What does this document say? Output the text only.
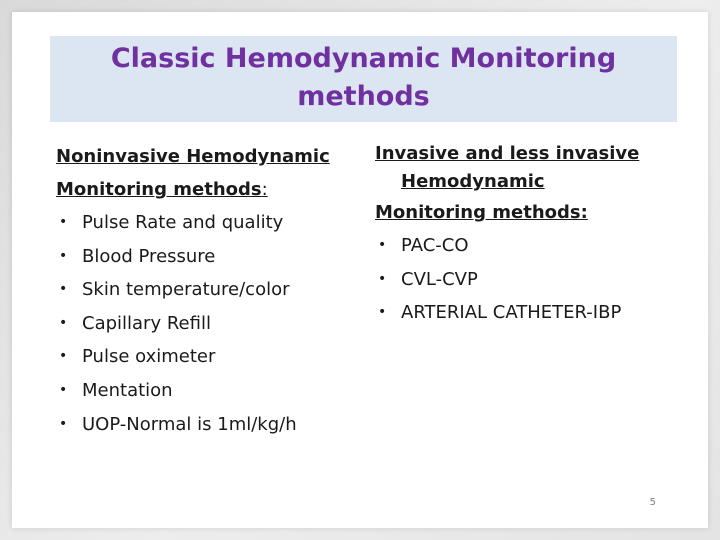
Classic Hemodynamic Monitoring
methods

Noninvasive Hemodynamic

Monitoring methods:

• Pulse Rate and quality
• Blood Pressure
• Skin temperature/color
• Capillary Refill
• Pulse oximeter
• Mentation
• UOP-Normal is 1ml/kg/h

Invasive and less invasive

Hemodynamic

Monitoring methods:

• PAC-CO
• CVL-CVP
• ARTERIAL CATHETER-IBP
5
